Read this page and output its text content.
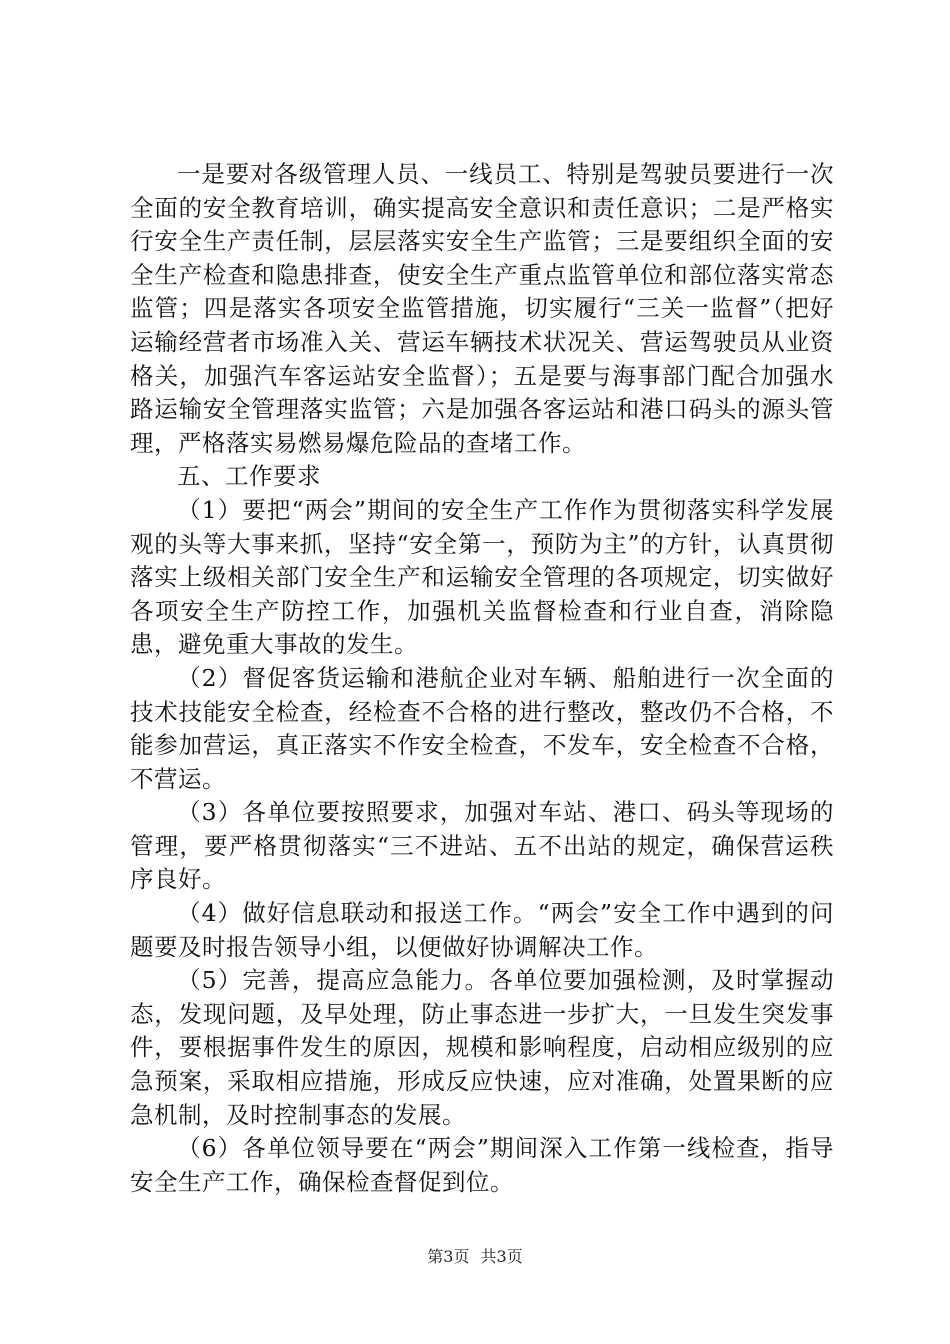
一是要对各级管理人员、一线员工、特别是驾驶员要进行一次全面的安全教育培训，确实提高安全意识和责任意识；二是严格实行安全生产责任制，层层落实安全生产监管；三是要组织全面的安全生产检查和隐患排查，使安全生产重点监管单位和部位落实常态监管；四是落实各项安全监管措施，切实履行“三关一监督”（把好运输经营者市场准入关、营运车辆技术状况关、营运驾驶员从业资格关，加强汽车客运站安全监督）；五是要与海事部门配合加强水路运输安全管理落实监管；六是加强各客运站和港口码头的源头管理，严格落实易燃易爆危险品的查堵工作。

五、工作要求

（1）要把“两会”期间的安全生产工作作为贯彻落实科学发展观的头等大事来抓，坚持“安全第一，预防为主”的方针，认真贯彻落实上级相关部门安全生产和运输安全管理的各项规定，切实做好各项安全生产防控工作，加强机关监督检查和行业自查，消除隐患，避免重大事故的发生。

（2）督促客货运输和港航企业对车辆、船舶进行一次全面的技术技能安全检查，经检查不合格的进行整改，整改仍不合格，不能参加营运，真正落实不作安全检查，不发车，安全检查不合格，不营运。

（3）各单位要按照要求，加强对车站、港口、码头等现场的管理，要严格贯彻落实“三不进站、五不出站的规定，确保营运秩序良好。

（4）做好信息联动和报送工作。“两会”安全工作中遇到的问题要及时报告领导小组，以便做好协调解决工作。

（5）完善，提高应急能力。各单位要加强检测，及时掌握动态，发现问题，及早处理，防止事态进一步扩大，一旦发生突发事件，要根据事件发生的原因，规模和影响程度，启动相应级别的应急预案，采取相应措施，形成反应快速，应对准确，处置果断的应急机制，及时控制事态的发展。

（6）各单位领导要在“两会”期间深入工作第一线检查，指导安全生产工作，确保检查督促到位。

第3页 共3页
